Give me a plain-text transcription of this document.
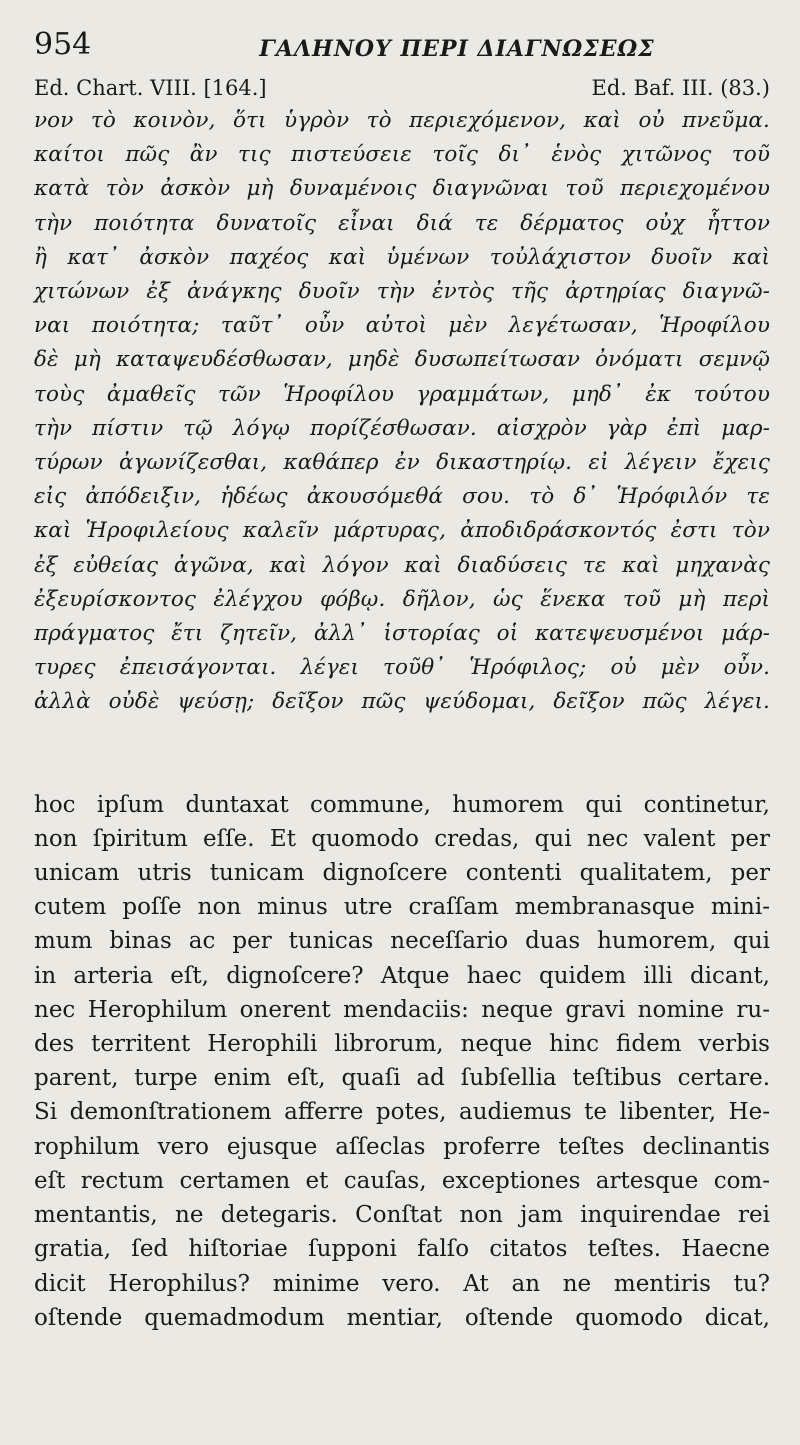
954	ΓΑΛΗΝΟΥ ΠΕΡΙ ΔΙΑΓΝΩΣΕΩΣ
Ed. Chart. VIII. [164.]	Ed. Baf. III. (83.)
νον τὸ κοινὸν, ὅτι ὑγρὸν τὸ περιεχόμενον, καὶ οὐ πνεῦμα.
καίτοι πῶς ἂν τις πιστεύσειε τοῖς δι᾽ ἑνὸς χιτῶνος τοῦ
κατὰ τὸν ἀσκὸν μὴ δυναμένοις διαγνῶναι τοῦ περιεχομένου
τὴν ποιότητα δυνατοῖς εἶναι διά τε δέρματος οὐχ ἧττον
ἢ κατ᾽ ἀσκὸν παχέος καὶ ὑμένων τοὐλάχιστον δυοῖν καὶ
χιτώνων ἐξ ἀνάγκης δυοῖν τὴν ἐντὸς τῆς ἀρτηρίας διαγνῶ-
ναι ποιότητα; ταῦτ᾽ οὖν αὐτοὶ μὲν λεγέτωσαν, Ἡροφίλου
δὲ μὴ καταψευδέσθωσαν, μηδὲ δυσωπείτωσαν ὀνόματι σεμνῷ
τοὺς ἀμαθεῖς τῶν Ἡροφίλου γραμμάτων, μηδ᾽ ἐκ τούτου
τὴν πίστιν τῷ λόγῳ πορίζέσθωσαν. αἰσχρὸν γὰρ ἐπὶ μαρ-
τύρων ἀγωνίζεσθαι, καθάπερ ἐν δικαστηρίῳ. εἰ λέγειν ἔχεις
εἰς ἀπόδειξιν, ἡδέως ἀκουσόμεθά σου. τὸ δ᾽ Ἡρόφιλόν τε
καὶ Ἡροφιλείους καλεῖν μάρτυρας, ἀποδιδράσκοντός ἐστι τὸν
ἐξ εὐθείας ἀγῶνα, καὶ λόγον καὶ διαδύσεις τε καὶ μηχανὰς
ἐξευρίσκοντος ἐλέγχου φόβῳ. δῆλον, ὡς ἕνεκα τοῦ μὴ περὶ
πράγματος ἔτι ζητεῖν, ἀλλ᾽ ἱστορίας οἱ κατεψευσμένοι μάρ-
τυρες ἐπεισάγονται. λέγει τοῦθ᾽ Ἡρόφιλος; οὐ μὲν οὖν.
ἀλλὰ οὐδὲ ψεύσῃ; δεῖξον πῶς ψεύδομαι, δεῖξον πῶς λέγει.
hoc ipſum duntaxat commune, humorem qui continetur,
non ſpiritum eſſe. Et quomodo credas, qui nec valent per
unicam utris tunicam dignoſcere contenti qualitatem, per
cutem poſſe non minus utre craſſam membranasque mini-
mum binas ac per tunicas neceſſario duas humorem, qui
in arteria eſt, dignoſcere? Atque haec quidem illi dicant,
nec Herophilum onerent mendaciis: neque gravi nomine ru-
des territent Herophili librorum, neque hinc fidem verbis
parent, turpe enim eſt, quaſi ad ſubſellia teſtibus certare.
Si demonſtrationem afferre potes, audiemus te libenter, He-
rophilum vero ejusque aſſeclas proferre teſtes declinantis
eſt rectum certamen et cauſas, exceptiones artesque com-
mentantis, ne detegaris. Conſtat non jam inquirendae rei
gratia, ſed hiſtoriae ſupponi falſo citatos teſtes. Haecne
dicit Herophilus? minime vero. At an ne mentiris tu?
oſtende quemadmodum mentiar, oſtende quomodo dicat,
